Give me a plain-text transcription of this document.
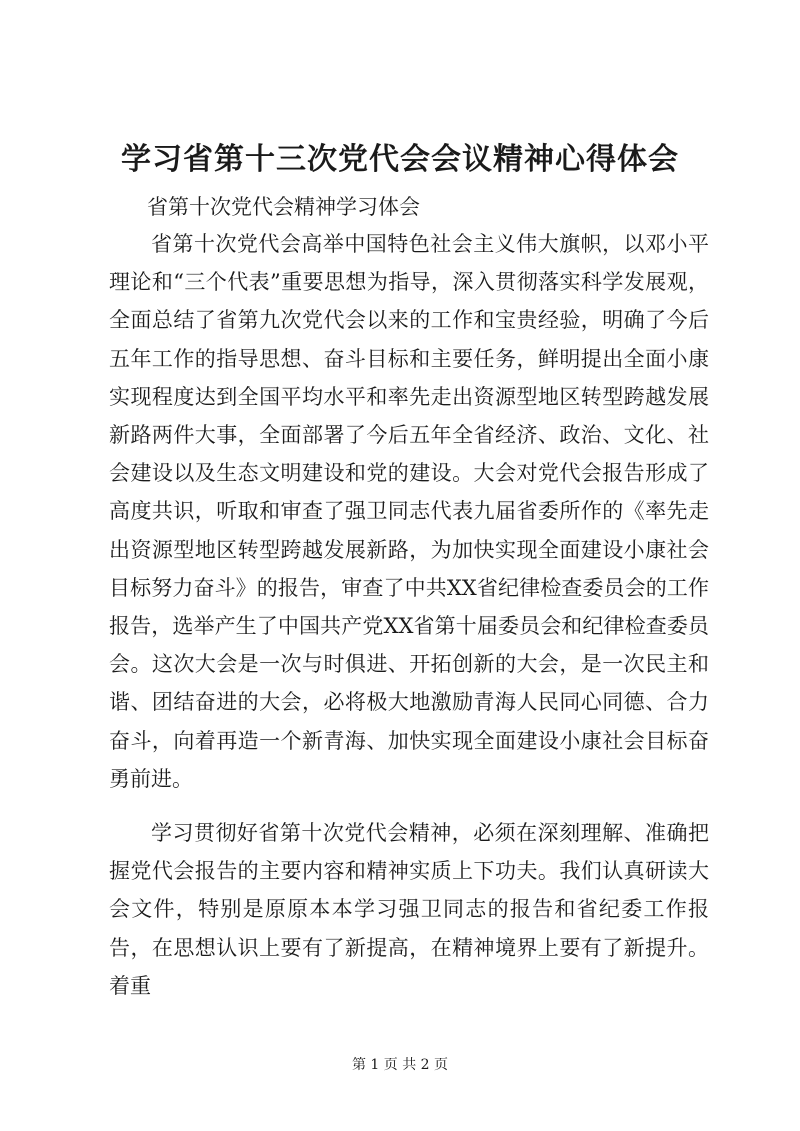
学习省第十三次党代会会议精神心得体会
省第十次党代会精神学习体会

省第十次党代会高举中国特色社会主义伟大旗帜，以邓小平理论和“三个代表”重要思想为指导，深入贯彻落实科学发展观，全面总结了省第九次党代会以来的工作和宝贵经验，明确了今后五年工作的指导思想、奋斗目标和主要任务，鲜明提出全面小康实现程度达到全国平均水平和率先走出资源型地区转型跨越发展新路两件大事，全面部署了今后五年全省经济、政治、文化、社会建设以及生态文明建设和党的建设。大会对党代会报告形成了高度共识，听取和审查了强卫同志代表九届省委所作的《率先走出资源型地区转型跨越发展新路，为加快实现全面建设小康社会目标努力奋斗》的报告，审查了中共XX省纪律检查委员会的工作报告，选举产生了中国共产党XX省第十届委员会和纪律检查委员会。这次大会是一次与时俱进、开拓创新的大会，是一次民主和谐、团结奋进的大会，必将极大地激励青海人民同心同德、合力奋斗，向着再造一个新青海、加快实现全面建设小康社会目标奋勇前进。

学习贯彻好省第十次党代会精神，必须在深刻理解、准确把握党代会报告的主要内容和精神实质上下功夫。我们认真研读大会文件，特别是原原本本学习强卫同志的报告和省纪委工作报告，在思想认识上要有了新提高，在精神境界上要有了新提升。着重

第 1 页 共 2 页
